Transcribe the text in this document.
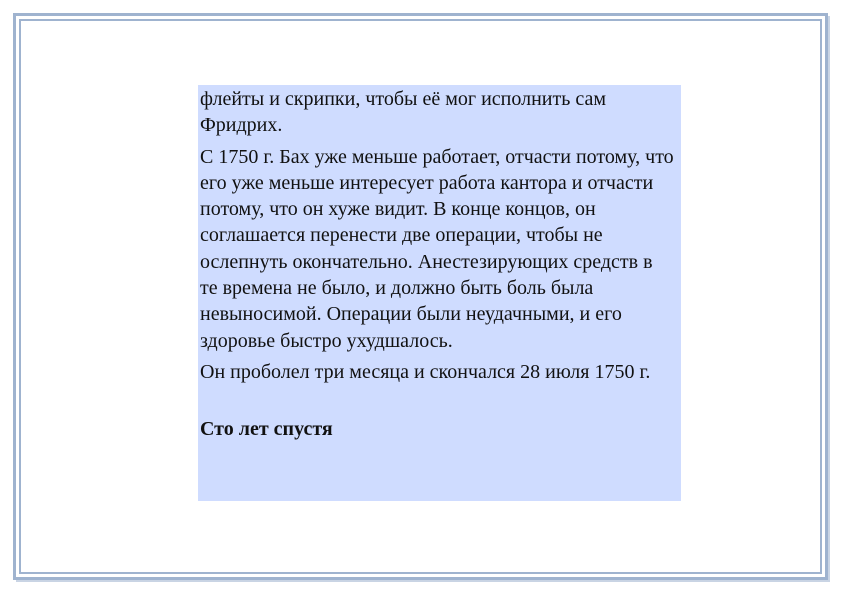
флейты и скрипки, чтобы её мог исполнить сам Фридрих.

С 1750 г. Бах уже меньше работает, отчасти потому, что его уже меньше интересует работа кантора и отчасти потому, что он хуже видит. В конце концов, он соглашается перенести две операции, чтобы не ослепнуть окончательно. Анестезирующих средств в те времена не было, и должно быть боль была невыносимой. Операции были неудачными, и его здоровье быстро ухудшалось.

Он проболел три месяца и скончался 28 июля 1750 г.

Сто лет спустя
